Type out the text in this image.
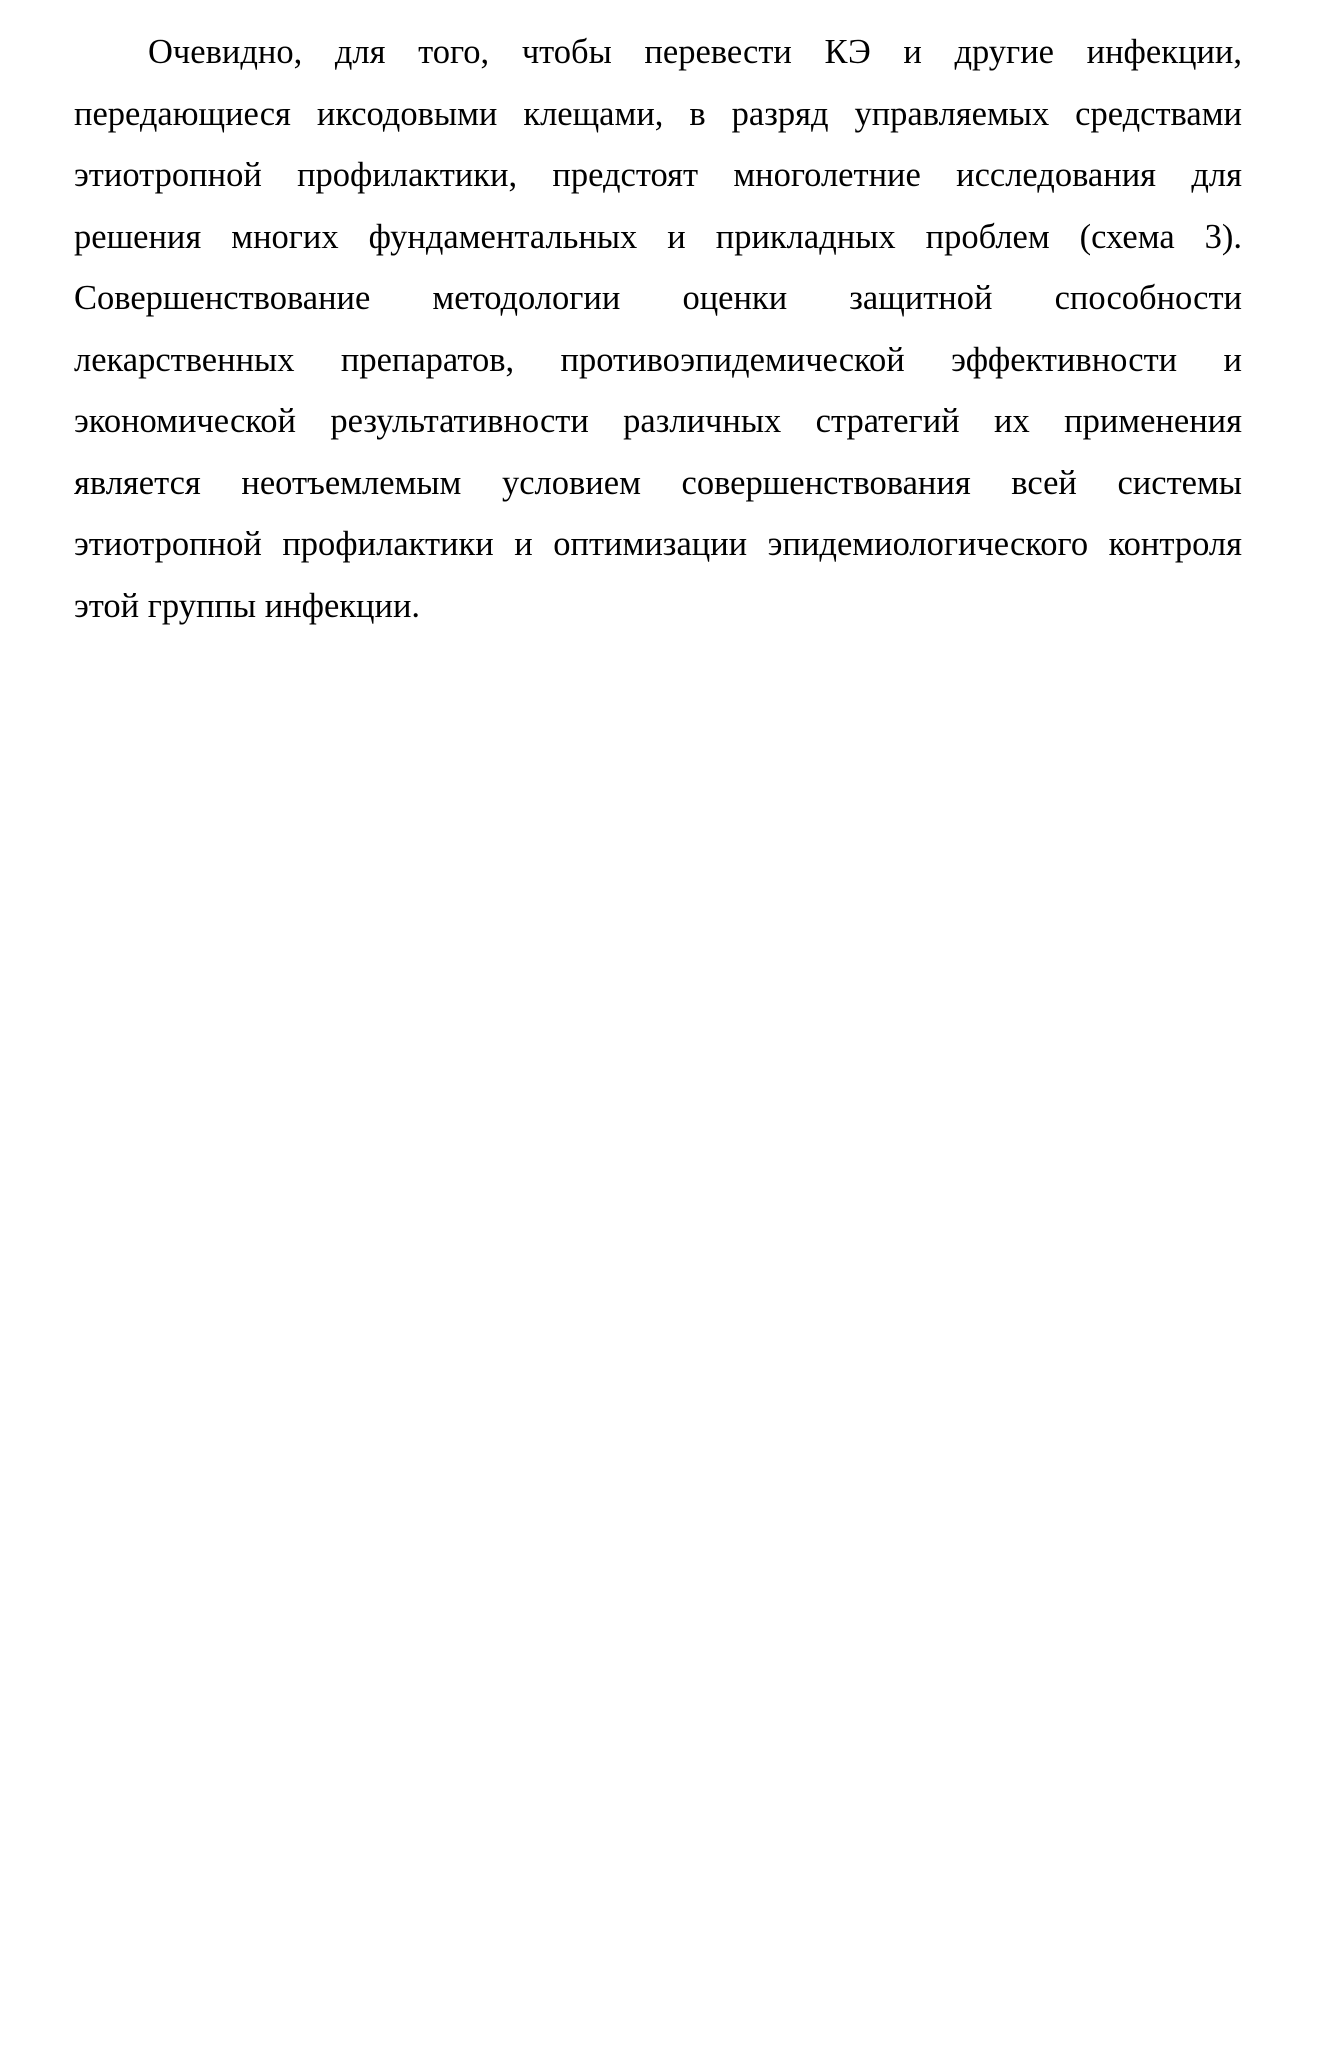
Очевидно, для того, чтобы перевести КЭ и другие инфекции,
передающиеся иксодовыми клещами, в разряд управляемых средствами
этиотропной профилактики, предстоят многолетние исследования для
решения многих фундаментальных и прикладных проблем (схема 3).
Совершенствование методологии оценки защитной способности
лекарственных препаратов, противоэпидемической эффективности и
экономической результативности различных стратегий их применения
является неотъемлемым условием совершенствования всей системы
этиотропной профилактики и оптимизации эпидемиологического контроля
этой группы инфекции.
